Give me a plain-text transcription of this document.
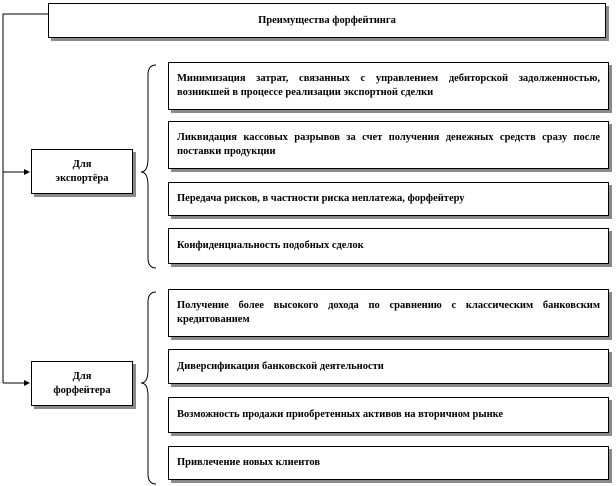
Преимущества форфейтинга
Для экспортёра
Минимизация затрат, связанных с управлением дебиторской задолженностью, возникшей в процессе реализации экспортной сделки
Ликвидация кассовых разрывов за счет получения денежных средств сразу после поставки продукции
Передача рисков, в частности риска неплатежа, форфейтеру
Конфиденциальность подобных сделок
Для форфейтера
Получение более высокого дохода по сравнению с классическим банковским кредитованием
Диверсификация банковской деятельности
Возможность продажи приобретенных активов на вторичном рынке
Привлечение новых клиентов
